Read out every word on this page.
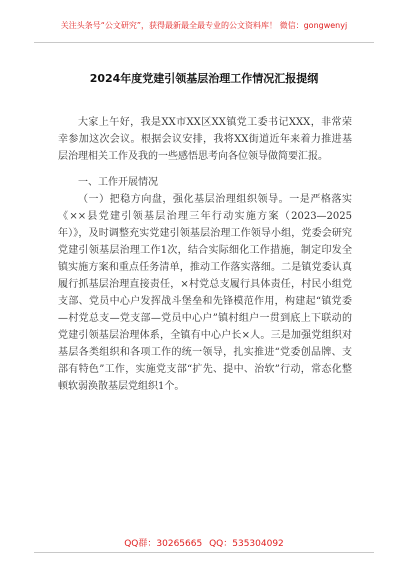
关注头条号“公文研究”，获得最新最全最专业的公文资料库！ 微信：gongwenyj
2024年度党建引领基层治理工作情况汇报提纲

大家上午好，我是XX市XX区XX镇党工委书记XXX，非常荣幸参加这次会议。根据会议安排，我将XX街道近年来着力推进基层治理相关工作及我的一些感悟思考向各位领导做简要汇报。

一、工作开展情况

（一）把稳方向盘，强化基层治理组织领导。一是严格落实《××县党建引领基层治理三年行动实施方案（2023—2025年）》，及时调整充实党建引领基层治理工作领导小组，党委会研究党建引领基层治理工作1次，结合实际细化工作措施，制定印发全镇实施方案和重点任务清单，推动工作落实落细。二是镇党委认真履行抓基层治理直接责任，×村党总支履行具体责任，村民小组党支部、党员中心户发挥战斗堡垒和先锋模范作用，构建起“镇党委—村党总支—党支部—党员中心户”镇村组户一贯到底上下联动的党建引领基层治理体系，全镇有中心户长×人。三是加强党组织对基层各类组织和各项工作的统一领导，扎实推进“党委创品牌、支部有特色”工作，实施党支部“扩先、提中、治软”行动，常态化整顿软弱涣散基层党组织1个。

QQ群：30265665 QQ：535304092
